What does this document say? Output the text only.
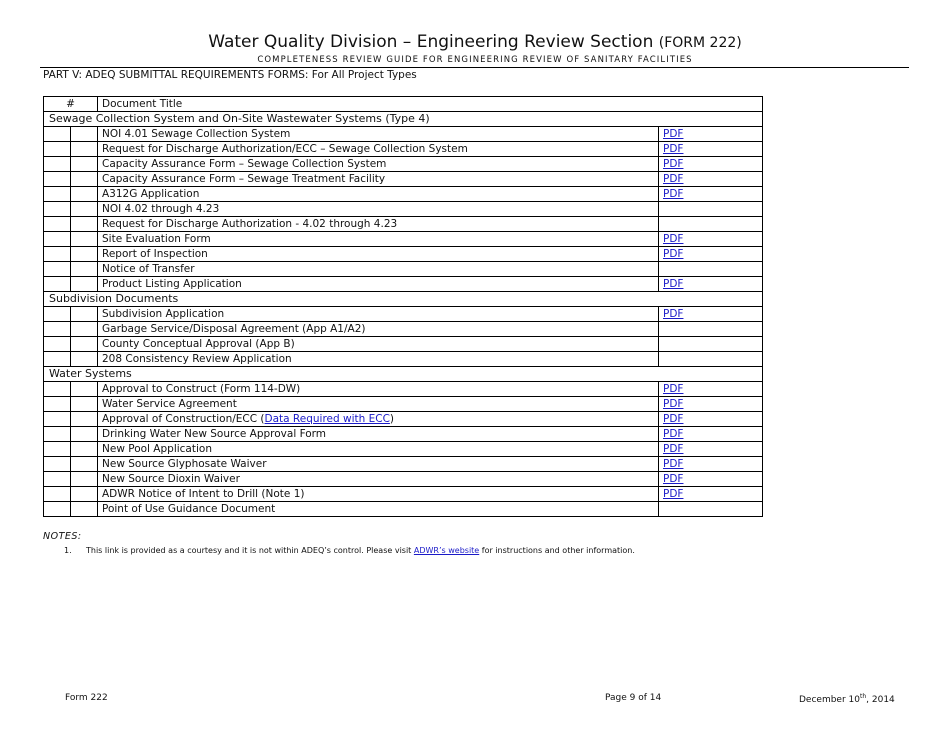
Water Quality Division – Engineering Review Section (FORM 222)
COMPLETENESS REVIEW GUIDE FOR ENGINEERING REVIEW OF SANITARY FACILITIES
PART V: ADEQ SUBMITTAL REQUIREMENTS FORMS: For All Project Types
#		Document Title	
Sewage Collection System and On-Site Wastewater Systems (Type 4)			
		NOI 4.01 Sewage Collection System	PDF
		Request for Discharge Authorization/ECC – Sewage Collection System	PDF
		Capacity Assurance Form – Sewage Collection System	PDF
		Capacity Assurance Form – Sewage Treatment Facility	PDF
		A312G Application	PDF
		NOI 4.02 through 4.23	
		Request for Discharge Authorization - 4.02 through 4.23	
		Site Evaluation Form	PDF
		Report of Inspection	PDF
		Notice of Transfer	
		Product Listing Application	PDF
Subdivision Documents			
		Subdivision Application	PDF
		Garbage Service/Disposal Agreement (App A1/A2)	
		County Conceptual Approval (App B)	
		208 Consistency Review Application	
Water Systems			
		Approval to Construct (Form 114-DW)	PDF
		Water Service Agreement	PDF
		Approval of Construction/ECC (Data Required with ECC)	PDF
		Drinking Water New Source Approval Form	PDF
		New Pool Application	PDF
		New Source Glyphosate Waiver	PDF
		New Source Dioxin Waiver	PDF
		ADWR Notice of Intent to Drill (Note 1)	PDF
		Point of Use Guidance Document	
NOTES:
1. This link is provided as a courtesy and it is not within ADEQ’s control. Please visit ADWR’s website for instructions and other information.
Form 222	Page 9 of 14	December 10th, 2014
